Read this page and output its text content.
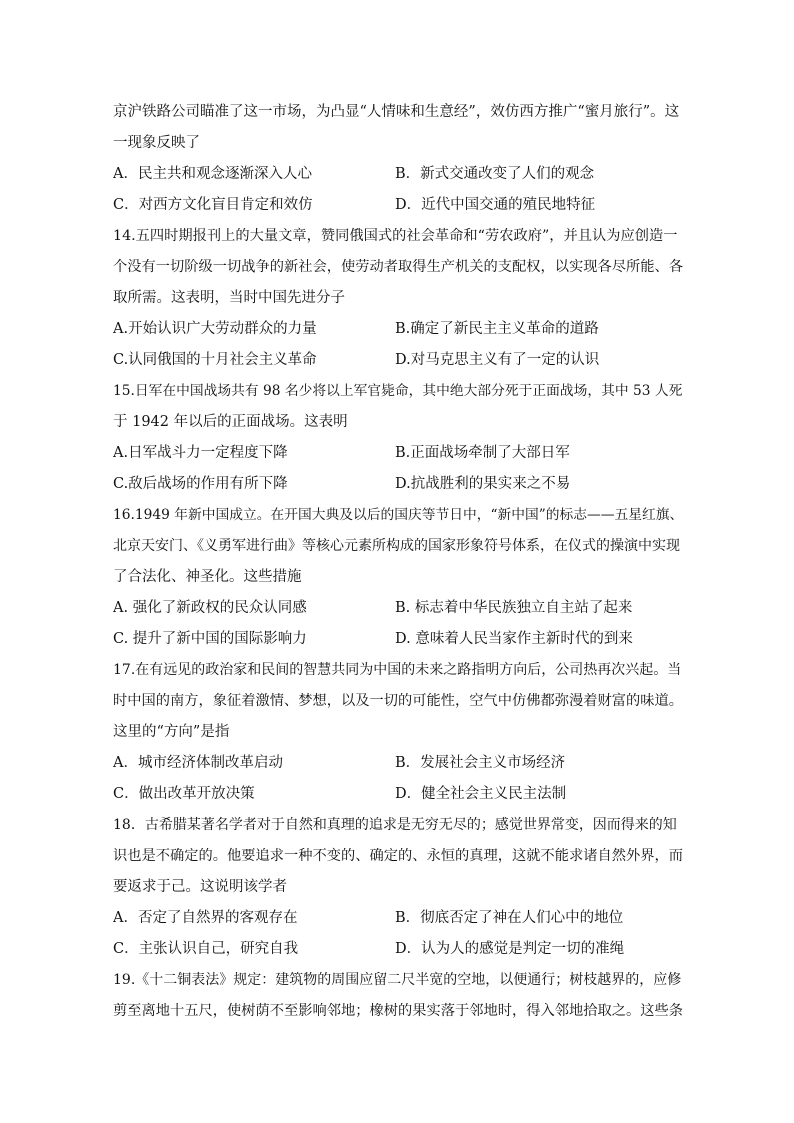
京沪铁路公司瞄准了这一市场，为凸显“人情味和生意经”，效仿西方推广“蜜月旅行”。这
一现象反映了
A．民主共和观念逐渐深入人心	B．新式交通改变了人们的观念
C．对西方文化盲目肯定和效仿	D．近代中国交通的殖民地特征
14.五四时期报刊上的大量文章，赞同俄国式的社会革命和“劳农政府”，并且认为应创造一
个没有一切阶级一切战争的新社会，使劳动者取得生产机关的支配权，以实现各尽所能、各
取所需。这表明，当时中国先进分子
A.开始认识广大劳动群众的力量	B.确定了新民主主义革命的道路
C.认同俄国的十月社会主义革命	D.对马克思主义有了一定的认识
15.日军在中国战场共有 98 名少将以上军官毙命，其中绝大部分死于正面战场，其中 53 人死
于 1942 年以后的正面战场。这表明
A.日军战斗力一定程度下降	B.正面战场牵制了大部日军
C.敌后战场的作用有所下降	D.抗战胜利的果实来之不易
16.1949 年新中国成立。在开国大典及以后的国庆等节日中，“新中国”的标志——五星红旗、
北京天安门、《义勇军进行曲》等核心元素所构成的国家形象符号体系，在仪式的操演中实现
了合法化、神圣化。这些措施
A. 强化了新政权的民众认同感	B. 标志着中华民族独立自主站了起来
C. 提升了新中国的国际影响力	D. 意味着人民当家作主新时代的到来
17.在有远见的政治家和民间的智慧共同为中国的未来之路指明方向后，公司热再次兴起。当
时中国的南方，象征着激情、梦想，以及一切的可能性，空气中仿佛都弥漫着财富的味道。
这里的“方向”是指
A．城市经济体制改革启动	B．发展社会主义市场经济
C．做出改革开放决策	D．健全社会主义民主法制
18．古希腊某著名学者对于自然和真理的追求是无穷无尽的；感觉世界常变，因而得来的知
识也是不确定的。他要追求一种不变的、确定的、永恒的真理，这就不能求诸自然外界，而
要返求于己。这说明该学者
A．否定了自然界的客观存在	B．彻底否定了神在人们心中的地位
C．主张认识自己，研究自我	D．认为人的感觉是判定一切的准绳
19.《十二铜表法》规定：建筑物的周围应留二尺半宽的空地，以便通行；树枝越界的，应修
剪至离地十五尺，使树荫不至影响邻地；橡树的果实落于邻地时，得入邻地拾取之。这些条
